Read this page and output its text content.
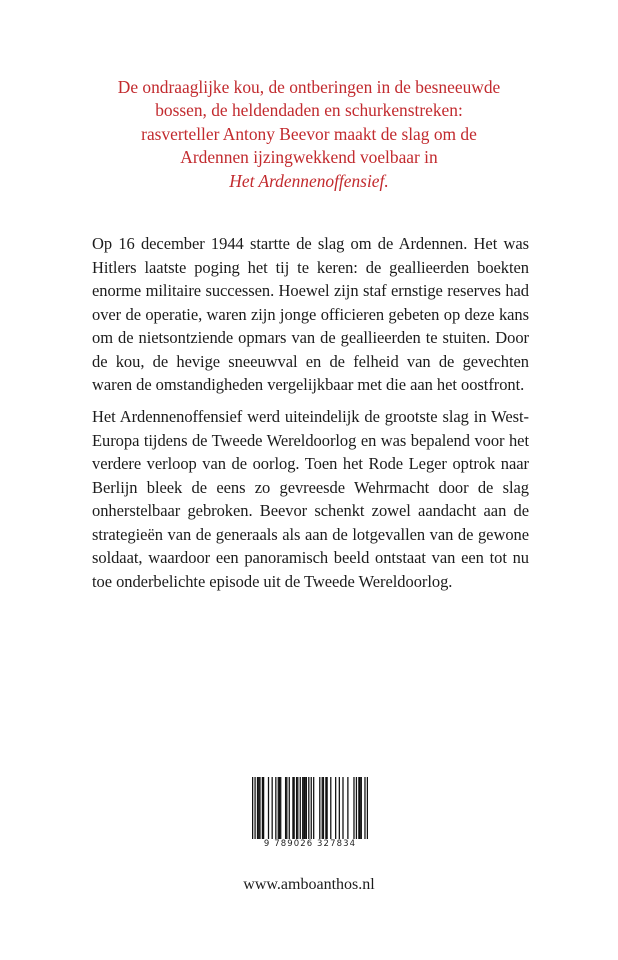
De ondraaglijke kou, de ontberingen in de besneeuwde
bossen, de heldendaden en schurkenstreken:
rasverteller Antony Beevor maakt de slag om de
Ardennen ijzingwekkend voelbaar in
Het Ardennenoffensief.

Op 16 december 1944 startte de slag om de Ardennen. Het was Hitlers laatste poging het tij te keren: de geallieerden boekten enorme militaire successen. Hoewel zijn staf ernstige reserves had over de operatie, waren zijn jonge officieren gebeten op deze kans om de nietsontziende opmars van de geallieerden te stuiten. Door de kou, de hevige sneeuwval en de felheid van de gevechten waren de omstandigheden vergelijkbaar met die aan het oostfront.

Het Ardennenoffensief werd uiteindelijk de grootste slag in West-Europa tijdens de Tweede Wereldoorlog en was bepalend voor het verdere verloop van de oorlog. Toen het Rode Leger optrok naar Berlijn bleek de eens zo gevreesde Wehrmacht door de slag onherstelbaar gebroken. Beevor schenkt zowel aandacht aan de strategieën van de generaals als aan de lotgevallen van de gewone soldaat, waardoor een panoramisch beeld ontstaat van een tot nu toe onderbelichte episode uit de Tweede Wereldoorlog.

9 789026 327834
www.amboanthos.nl
